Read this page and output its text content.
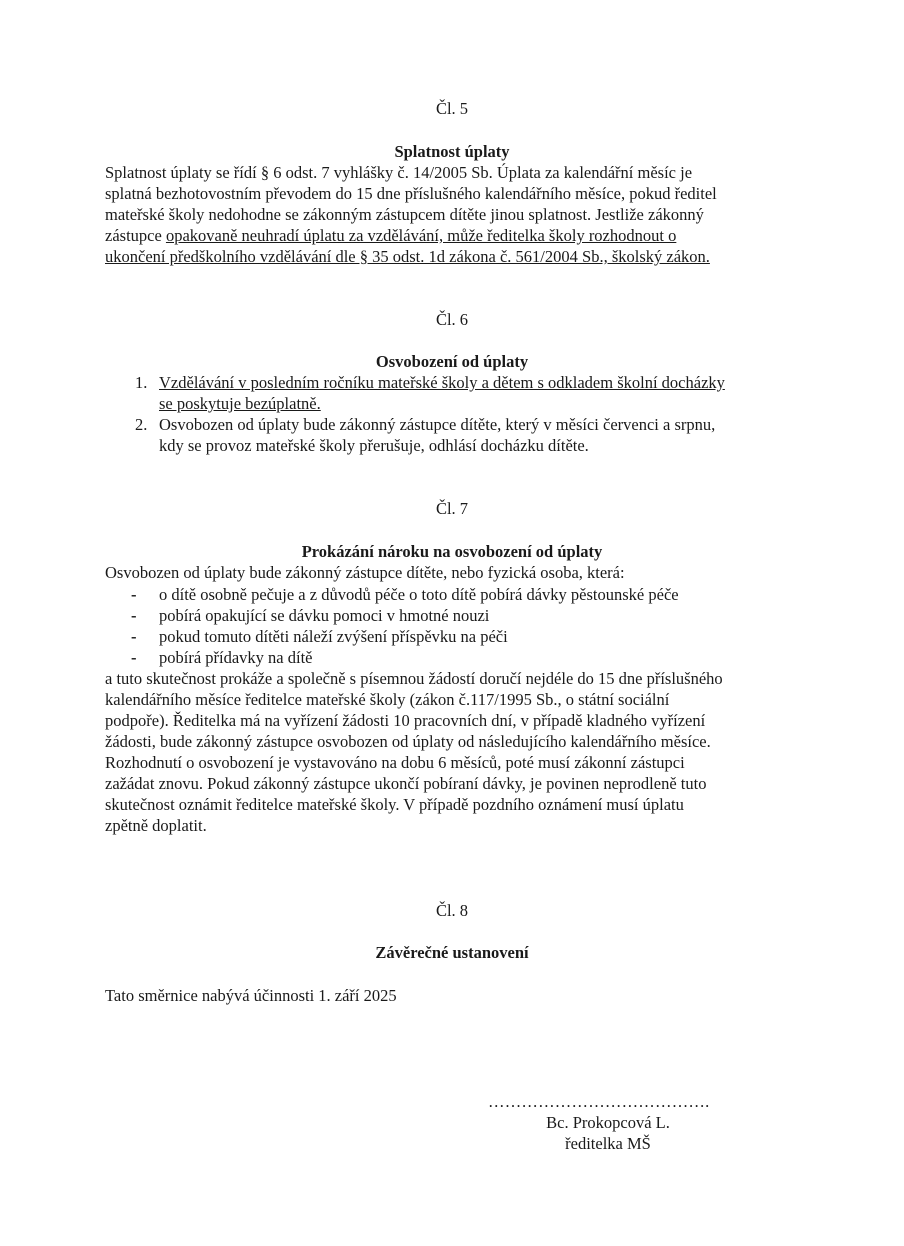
Čl. 5
Splatnost úplaty
Splatnost úplaty se řídí § 6 odst. 7 vyhlášky č. 14/2005 Sb. Úplata za kalendářní měsíc je
splatná bezhotovostním převodem do 15 dne příslušného kalendářního měsíce, pokud ředitel
mateřské školy nedohodne se zákonným zástupcem dítěte jinou splatnost. Jestliže zákonný
zástupce opakovaně neuhradí úplatu za vzdělávání, může ředitelka školy rozhodnout o
ukončení předškolního vzdělávání dle § 35 odst. 1d zákona č. 561/2004 Sb., školský zákon.
Čl. 6
Osvobození od úplaty
1. Vzdělávání v posledním ročníku mateřské školy a dětem s odkladem školní docházky
se poskytuje bezúplatně.
2. Osvobozen od úplaty bude zákonný zástupce dítěte, který v měsíci červenci a srpnu,
kdy se provoz mateřské školy přerušuje, odhlásí docházku dítěte.
Čl. 7
Prokázání nároku na osvobození od úplaty
Osvobozen od úplaty bude zákonný zástupce dítěte, nebo fyzická osoba, která:
- o dítě osobně pečuje a z důvodů péče o toto dítě pobírá dávky pěstounské péče
- pobírá opakující se dávku pomoci v hmotné nouzi
- pokud tomuto dítěti náleží zvýšení příspěvku na péči
- pobírá přídavky na dítě
a tuto skutečnost prokáže a společně s písemnou žádostí doručí nejdéle do 15 dne příslušného
kalendářního měsíce ředitelce mateřské školy (zákon č.117/1995 Sb., o státní sociální
podpoře). Ředitelka má na vyřízení žádosti 10 pracovních dní, v případě kladného vyřízení
žádosti, bude zákonný zástupce osvobozen od úplaty od následujícího kalendářního měsíce.
Rozhodnutí o osvobození je vystavováno na dobu 6 měsíců, poté musí zákonní zástupci
zažádat znovu. Pokud zákonný zástupce ukončí pobíraní dávky, je povinen neprodleně tuto
skutečnost oznámit ředitelce mateřské školy. V případě pozdního oznámení musí úplatu
zpětně doplatit.
Čl. 8
Závěrečné ustanovení
Tato směrnice nabývá účinnosti 1. září 2025
………………………………….
Bc. Prokopcová L.
ředitelka MŠ
